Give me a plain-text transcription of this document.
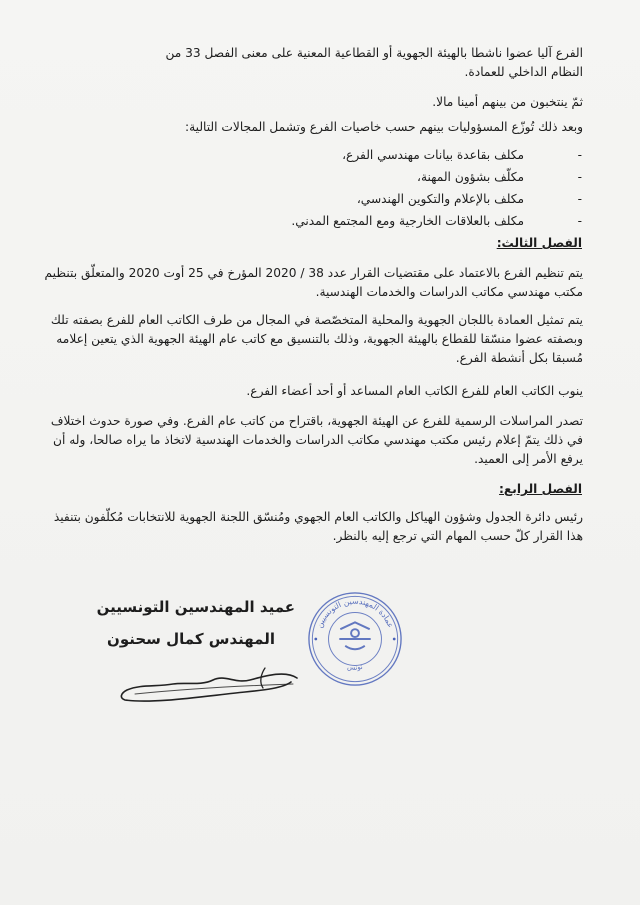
الفرع آليا عضوا ناشطا بالهيئة الجهوية أو القطاعية المعنية على معنى الفصل 33 من

النظام الداخلي للعمادة.

ثمّ ينتخبون من بينهم أمينا مالا.

وبعد ذلك تُوزّع المسؤوليات بينهم حسب خاصيات الفرع وتشمل المجالات التالية:

-
مكلف بقاعدة بيانات مهندسي الفرع،
-
مكلّف بشؤون المهنة،
-
مكلف بالإعلام والتكوين الهندسي،
-
مكلف بالعلاقات الخارجية ومع المجتمع المدني.

الفصل الثالث:

يتم تنظيم الفرع بالاعتماد على مقتضيات القرار عدد 38 / 2020 المؤرخ في 25 أوت 2020 والمتعلّق بتنظيم مكتب مهندسي مكاتب الدراسات والخدمات الهندسية.

يتم تمثيل العمادة باللجان الجهوية والمحلية المتخصّصة في المجال من طرف الكاتب العام للفرع بصفته تلك وبصفته عضوا منسّقا للقطاع بالهيئة الجهوية، وذلك بالتنسيق مع كاتب عام الهيئة الجهوية الذي يتعين إعلامه مُسبقا بكل أنشطة الفرع.

ينوب الكاتب العام للفرع الكاتب العام المساعد أو أحد أعضاء الفرع.

تصدر المراسلات الرسمية للفرع عن الهيئة الجهوية، باقتراح من كاتب عام الفرع. وفي صورة حدوث اختلاف في ذلك يتمّ إعلام رئيس مكتب مهندسي مكاتب الدراسات والخدمات الهندسية لاتخاذ ما يراه صالحا، وله أن يرفع الأمر إلى العميد.

الفصل الرابع:

رئيس دائرة الجدول وشؤون الهياكل والكاتب العام الجهوي ومُنسّق اللجنة الجهوية للانتخابات مُكلّفون بتنفيذ هذا القرار كلّ حسب المهام التي ترجع إليه بالنظر.

عميد المهندسين التونسيين
المهندس كمال سحنون
عمادة المهندسين التونسيين
تونس
